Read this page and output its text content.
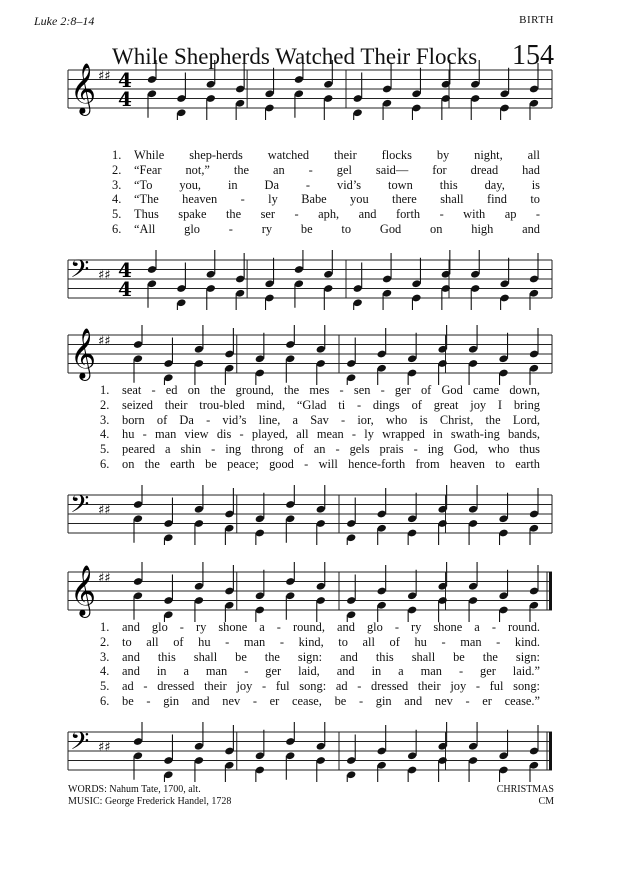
Luke 2:8–14	BIRTH
While Shepherds Watched Their Flocks 154
𝄞 ♯♯ 4
4
1.	While shep-herds watched their flocks by night, all
2.	“Fear not,” the an - gel said— for dread had
3.	“To you, in Da - vid’s town this day, is
4.	“The heaven - ly Babe you there shall find to
5.	Thus spake the ser - aph, and forth - with ap -
6.	“All glo - ry be to God on high and
𝄢 ♯♯ 4
4
𝄞 ♯♯
1.	seat - ed on the ground, the mes - sen - ger of God came down,
2.	seized their trou-bled mind, “Glad ti - dings of great joy I bring
3.	born of Da - vid’s line, a Sav - ior, who is Christ, the Lord,
4.	hu - man view dis - played, all mean - ly wrapped in swath-ing bands,
5.	peared a shin - ing throng of an - gels prais - ing God, who thus
6.	on the earth be peace; good - will hence-forth from heaven to earth
𝄢 ♯♯
𝄞 ♯♯
1.	and glo - ry shone a - round, and glo - ry shone a - round.
2.	to all of hu - man - kind, to all of hu - man - kind.
3.	and this shall be the sign: and this shall be the sign:
4.	and in a man - ger laid, and in a man - ger laid.”
5.	ad - dressed their joy - ful song: ad - dressed their joy - ful song:
6.	be - gin and nev - er cease, be - gin and nev - er cease.”
𝄢 ♯♯
WORDS: Nahum Tate, 1700, alt.
MUSIC: George Frederick Handel, 1728
CHRISTMAS
CM
